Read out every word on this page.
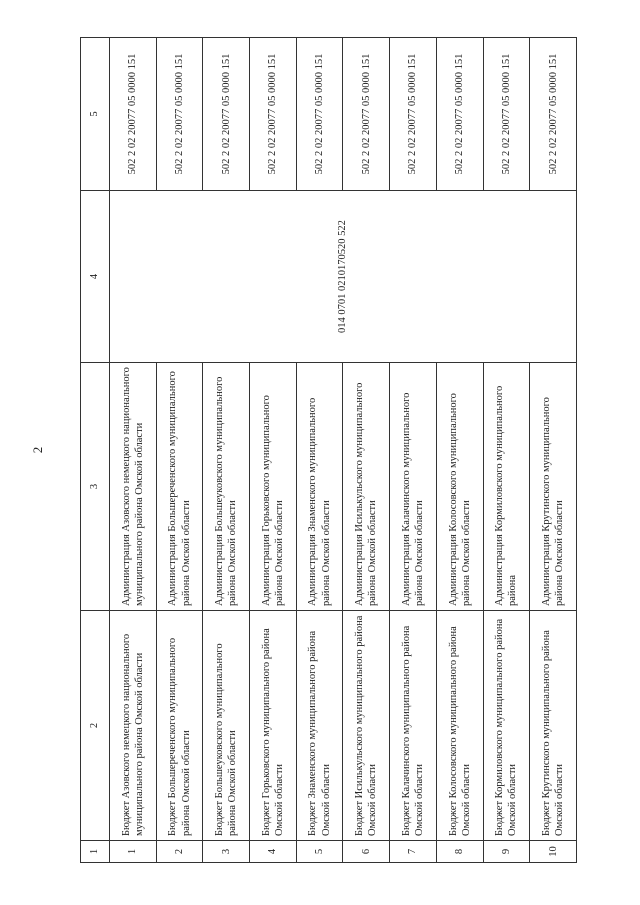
2
1	2	3	4	5
1	Бюджет Азовского немецкого национального муниципального района Омской области	Администрация Азовского немецкого национального муниципального района Омской области	014 0701 0210170520 522	502 2 02 20077 05 0000 151
2	Бюджет Большереченского муниципального района Омской области	Администрация Большереченского муниципального района Омской области		502 2 02 20077 05 0000 151
3	Бюджет Большеуковского муниципального района Омской области	Администрация Большеуковского муниципального района Омской области		502 2 02 20077 05 0000 151
4	Бюджет Горьковского муниципального района Омской области	Администрация Горьковского муниципального района Омской области		502 2 02 20077 05 0000 151
5	Бюджет Знаменского муниципального района Омской области	Администрация Знаменского муниципального района Омской области		502 2 02 20077 05 0000 151
6	Бюджет Исилькульского муниципального района Омской области	Администрация Исилькульского муниципального района Омской области		502 2 02 20077 05 0000 151
7	Бюджет Калачинского муниципального района Омской области	Администрация Калачинского муниципального района Омской области		502 2 02 20077 05 0000 151
8	Бюджет Колосовского муниципального района Омской области	Администрация Колосовского муниципального района Омской области		502 2 02 20077 05 0000 151
9	Бюджет Кормиловского муниципального района Омской области	Администрация Кормиловского муниципального района		502 2 02 20077 05 0000 151
10	Бюджет Крутинского муниципального района Омской области	Администрация Крутинского муниципального района Омской области		502 2 02 20077 05 0000 151
